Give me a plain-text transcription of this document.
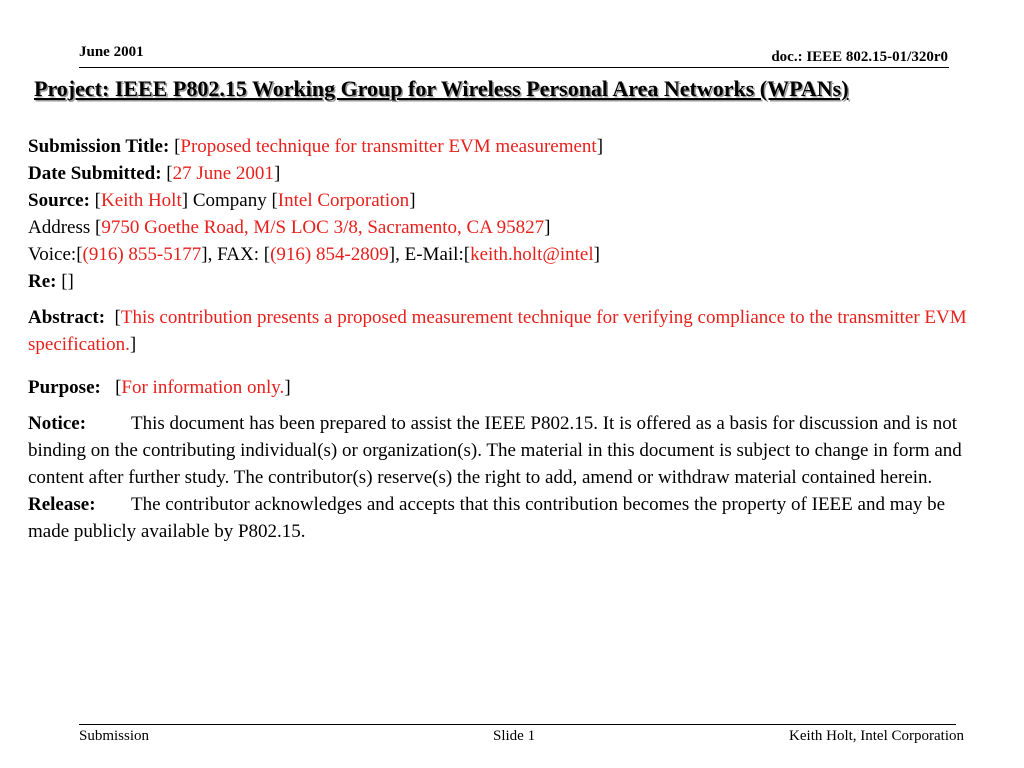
June 2001	doc.: IEEE 802.15-01/320r0
Project: IEEE P802.15 Working Group for Wireless Personal Area Networks (WPANs)
Submission Title: [Proposed technique for transmitter EVM measurement]
Date Submitted: [27 June 2001]
Source: [Keith Holt] Company [Intel Corporation]
Address [9750 Goethe Road, M/S LOC 3/8, Sacramento, CA 95827]
Voice:[(916) 855-5177], FAX: [(916) 854-2809], E-Mail:[keith.holt@intel]
Re: []
Abstract:  [This contribution presents a proposed measurement technique for verifying compliance to the transmitter EVM specification.]
Purpose:   [For information only.]
Notice: This document has been prepared to assist the IEEE P802.15. It is offered as a basis for discussion and is not binding on the contributing individual(s) or organization(s). The material in this document is subject to change in form and content after further study. The contributor(s) reserve(s) the right to add, amend or withdraw material contained herein.
Release: The contributor acknowledges and accepts that this contribution becomes the property of IEEE and may be made publicly available by P802.15.
Submission	Slide 1	Keith Holt, Intel Corporation
